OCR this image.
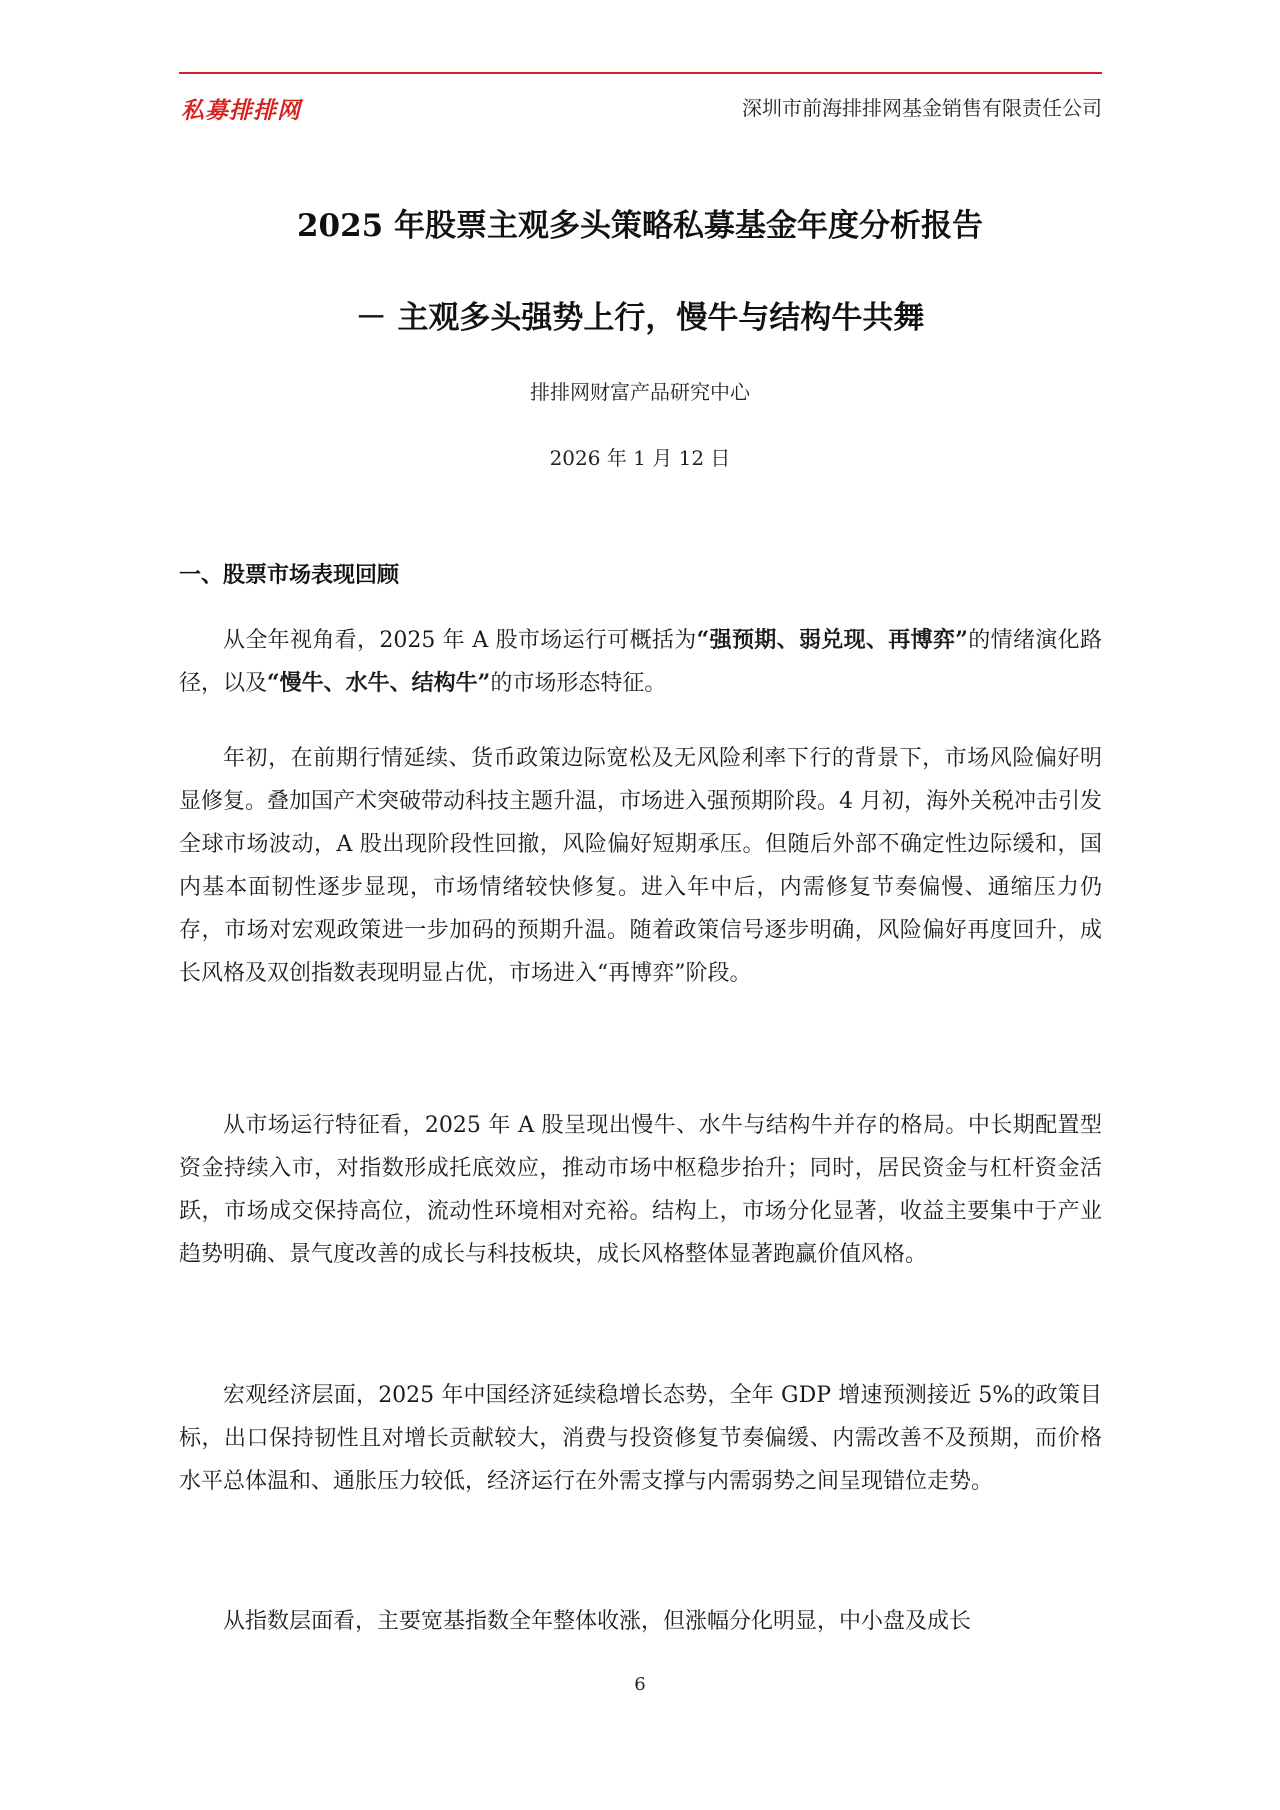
私募排排网	深圳市前海排排网基金销售有限责任公司
2025 年股票主观多头策略私募基金年度分析报告
－ 主观多头强势上行，慢牛与结构牛共舞
排排网财富产品研究中心
2026 年 1 月 12 日
一、股票市场表现回顾

从全年视角看，2025 年 A 股市场运行可概括为“强预期、弱兑现、再博弈”的情绪演化路径，以及“慢牛、水牛、结构牛”的市场形态特征。

年初，在前期行情延续、货币政策边际宽松及无风险利率下行的背景下，市场风险偏好明显修复。叠加国产术突破带动科技主题升温，市场进入强预期阶段。4 月初，海外关税冲击引发全球市场波动，A 股出现阶段性回撤，风险偏好短期承压。但随后外部不确定性边际缓和，国内基本面韧性逐步显现，市场情绪较快修复。进入年中后，内需修复节奏偏慢、通缩压力仍存，市场对宏观政策进一步加码的预期升温。随着政策信号逐步明确，风险偏好再度回升，成长风格及双创指数表现明显占优，市场进入“再博弈”阶段。

从市场运行特征看，2025 年 A 股呈现出慢牛、水牛与结构牛并存的格局。中长期配置型资金持续入市，对指数形成托底效应，推动市场中枢稳步抬升；同时，居民资金与杠杆资金活跃，市场成交保持高位，流动性环境相对充裕。结构上，市场分化显著，收益主要集中于产业趋势明确、景气度改善的成长与科技板块，成长风格整体显著跑赢价值风格。

宏观经济层面，2025 年中国经济延续稳增长态势，全年 GDP 增速预测接近 5%的政策目标，出口保持韧性且对增长贡献较大，消费与投资修复节奏偏缓、内需改善不及预期，而价格水平总体温和、通胀压力较低，经济运行在外需支撑与内需弱势之间呈现错位走势。

从指数层面看，主要宽基指数全年整体收涨，但涨幅分化明显，中小盘及成长

6
